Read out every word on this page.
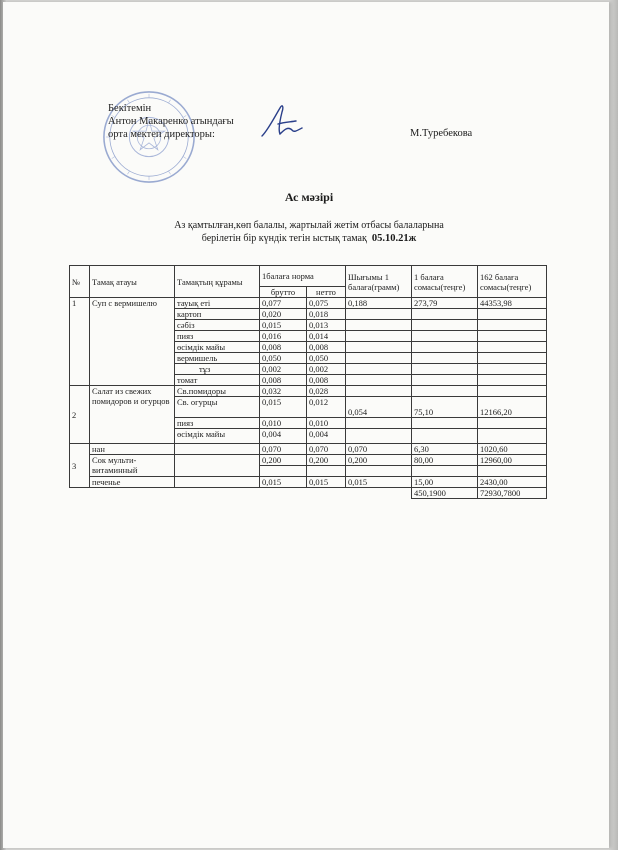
Бекітемін
Антон Макаренко атындағы
орта мектеп директоры:	М.Туребекова
Ас мәзірі
Аз қамтылған,көп балалы, жартылай жетім отбасы балаларына
берілетін бір күндік тегін ыстық тамақ 05.10.21ж
№	Тамақ атауы	Тамақтың құрамы	1балаға норма		Шығымы 1 балаға(грамм)	1 балаға сомасы(теңге)	162 балаға сомасы(теңге)
			брутто	нетто			
1	Суп с вермишелю	тауық еті	0,077	0,075	0,188	273,79	44353,98
		картоп	0,020	0,018			
		сәбіз	0,015	0,013			
		пияз	0,016	0,014			
		өсімдік майы	0,008	0,008			
		вермишель	0,050	0,050			
		тұз	0,002	0,002			
		томат	0,008	0,008			
2	Салат из свежих помидоров и огурцов	Св.помидоры	0,032	0,028			
		Св. огурцы	0,015	0,012	0,054	75,10	12166,20

		пияз	0,010	0,010			
		өсімдік майы	0,004	0,004			
3	нан		0,070	0,070	0,070	6,30	1020,60
	Сок мульти-витаминный		0,200	0,200	0,200	80,00	12960,00

	печенье		0,015	0,015	0,015	15,00	2430,00
						450,1900	72930,7800
